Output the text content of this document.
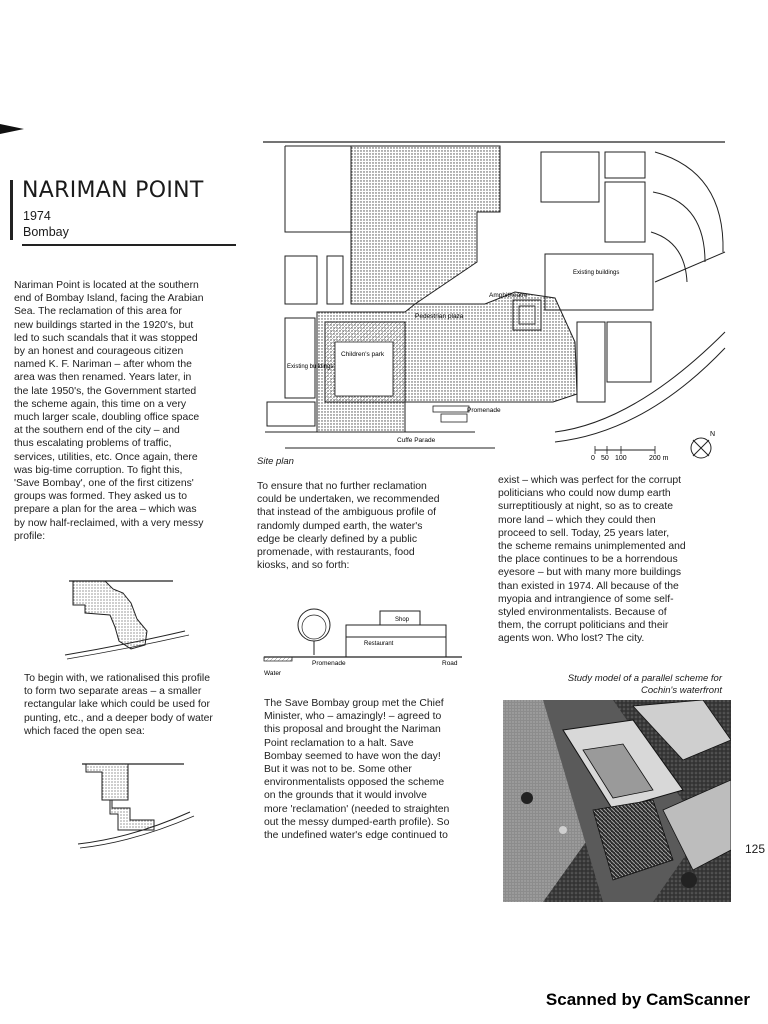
NARIMAN POINT
1974
Bombay
Nariman Point is located at the southern
end of Bombay Island, facing the Arabian
Sea. The reclamation of this area for
new buildings started in the 1920's, but
led to such scandals that it was stopped
by an honest and courageous citizen
named K. F. Nariman – after whom the
area was then renamed. Years later, in
the late 1950's, the Government started
the scheme again, this time on a very
much larger scale, doubling office space
at the southern end of the city – and
thus escalating problems of traffic,
services, utilities, etc. Once again, there
was big-time corruption. To fight this,
'Save Bombay', one of the first citizens'
groups was formed. They asked us to
prepare a plan for the area – which was
by now half-reclaimed, with a very messy
profile:
To begin with, we rationalised this profile
to form two separate areas – a smaller
rectangular lake which could be used for
punting, etc., and a deeper body of water
which faced the open sea:
N
0 50 100	200 m
Pedestrian plaza
Amphitheatre
Existing buildings
Existing buildings
Children's park
Promenade
Cuffe Parade
Site plan
To ensure that no further reclamation
could be undertaken, we recommended
that instead of the ambiguous profile of
randomly dumped earth, the water's
edge be clearly defined by a public
promenade, with restaurants, food
kiosks, and so forth:
Shop
Restaurant
Promenade	Road
Water
The Save Bombay group met the Chief
Minister, who – amazingly! – agreed to
this proposal and brought the Nariman
Point reclamation to a halt. Save
Bombay seemed to have won the day!
But it was not to be. Some other
environmentalists opposed the scheme
on the grounds that it would involve
more 'reclamation' (needed to straighten
out the messy dumped-earth profile). So
the undefined water's edge continued to
exist – which was perfect for the corrupt
politicians who could now dump earth
surreptitiously at night, so as to create
more land – which they could then
proceed to sell. Today, 25 years later,
the scheme remains unimplemented and
the place continues to be a horrendous
eyesore – but with many more buildings
than existed in 1974. All because of the
myopia and intrangience of some self-
styled environmentalists. Because of
them, the corrupt politicians and their
agents won. Who lost? The city.
Study model of a parallel scheme for
Cochin's waterfront
125
Scanned by CamScanner
